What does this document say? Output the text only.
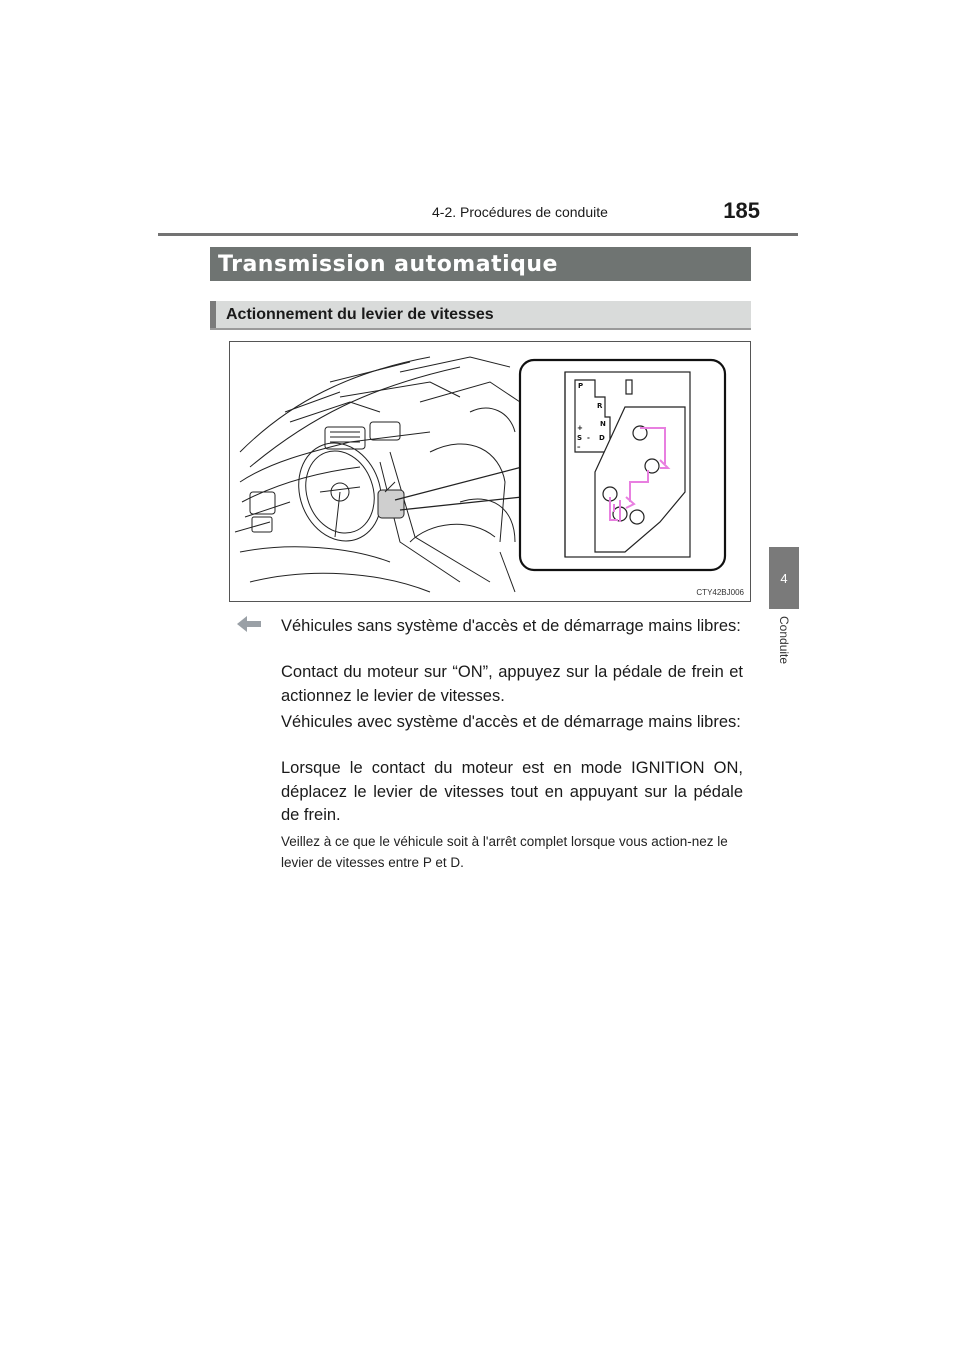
185
4-2. Procédures de conduite
4
Conduite
Transmission automatique
Actionnement du levier de vitesses
P
R
N
D
S
+
–
-
CTY42BJ006

Véhicules sans système d'accès et de démarrage mains libres:

Contact du moteur sur “ON”, appuyez sur la pédale de frein et actionnez le levier de vitesses.

Véhicules avec système d'accès et de démarrage mains libres:

Lorsque le contact du moteur est en mode IGNITION ON, déplacez le levier de vitesses tout en appuyant sur la pédale de frein.

Veillez à ce que le véhicule soit à l'arrêt complet lorsque vous action-nez le levier de vitesses entre P et D.
